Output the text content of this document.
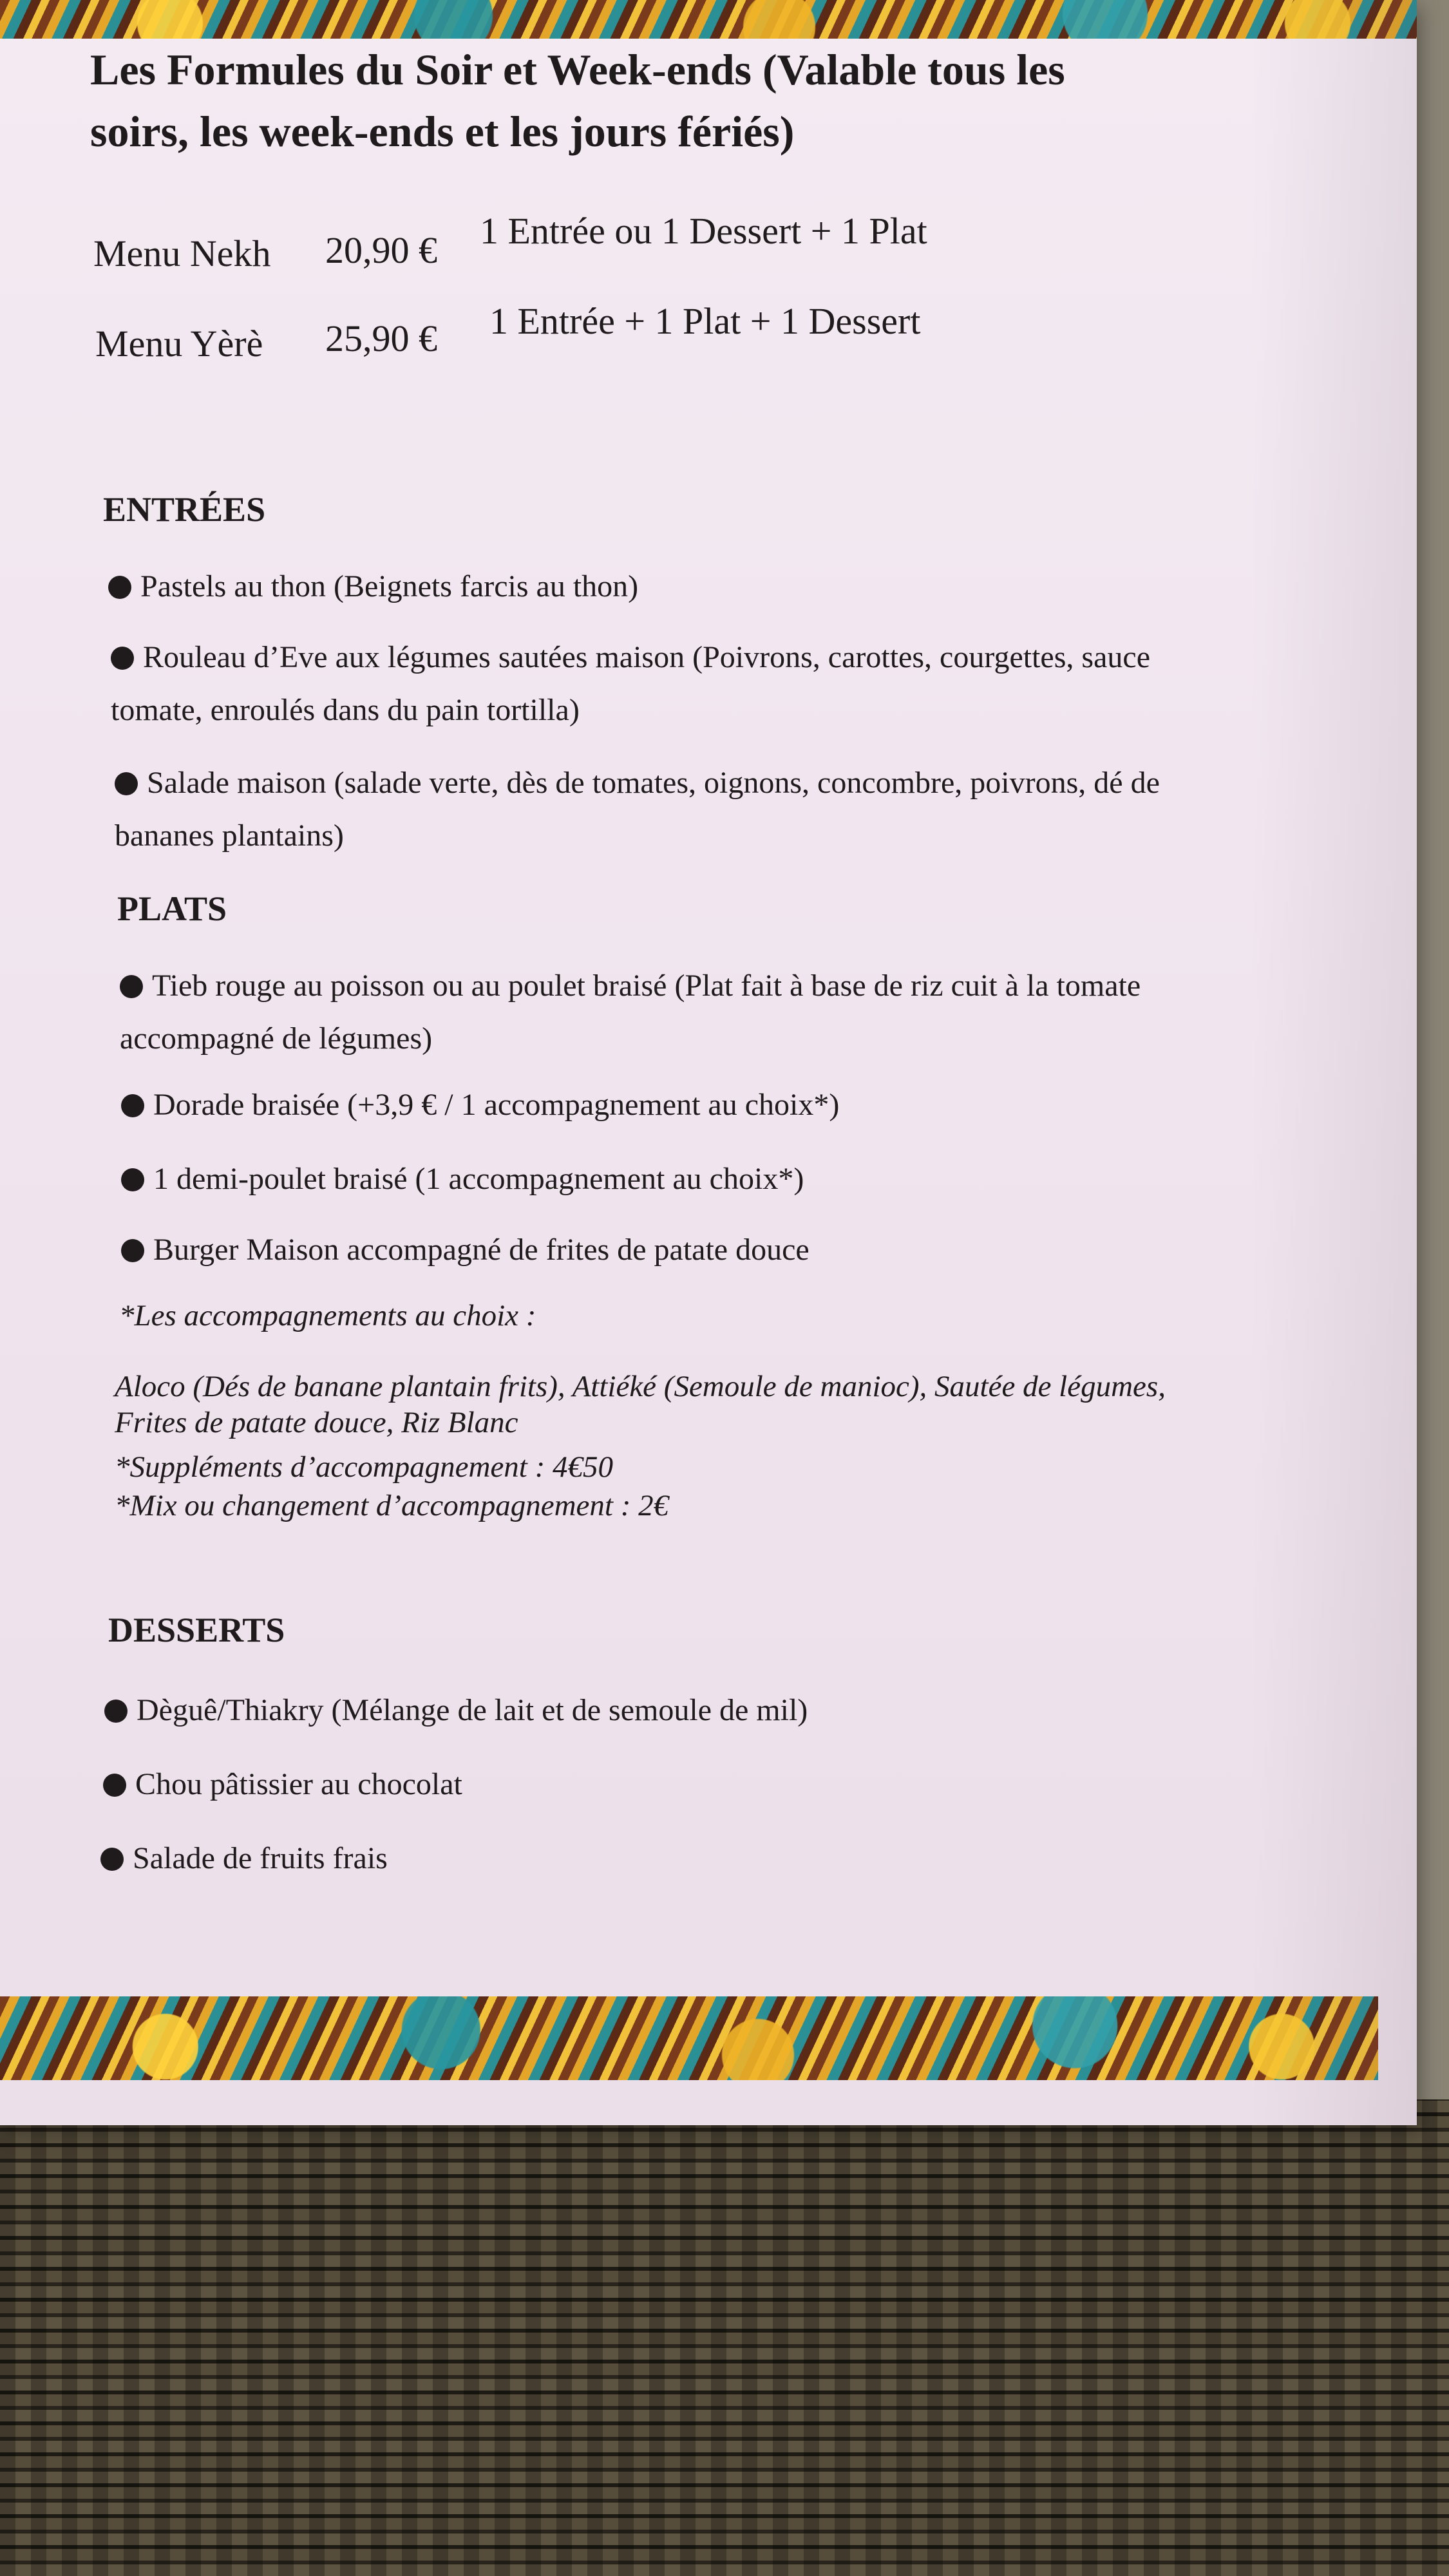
Les Formules du Soir et Week-ends (Valable tous les
soirs, les week-ends et les jours fériés)
Menu Nekh 20,90 € 1 Entrée ou 1 Dessert + 1 Plat
Menu Yèrè 25,90 € 1 Entrée + 1 Plat + 1 Dessert
ENTRÉES
Pastels au thon (Beignets farcis au thon)
Rouleau d’Eve aux légumes sautées maison (Poivrons, carottes, courgettes, sauce tomate, enroulés dans du pain tortilla)
Salade maison (salade verte, dès de tomates, oignons, concombre, poivrons, dé de bananes plantains)
PLATS
Tieb rouge au poisson ou au poulet braisé (Plat fait à base de riz cuit à la tomate accompagné de légumes)
Dorade braisée (+3,9 € / 1 accompagnement au choix*)
1 demi-poulet braisé (1 accompagnement au choix*)
Burger Maison accompagné de frites de patate douce
*Les accompagnements au choix :
Aloco (Dés de banane plantain frits), Attiéké (Semoule de manioc), Sautée de légumes, Frites de patate douce, Riz Blanc
*Suppléments d’accompagnement : 4€50
*Mix ou changement d’accompagnement : 2€
DESSERTS
Dèguê/Thiakry (Mélange de lait et de semoule de mil)
Chou pâtissier au chocolat
Salade de fruits frais
